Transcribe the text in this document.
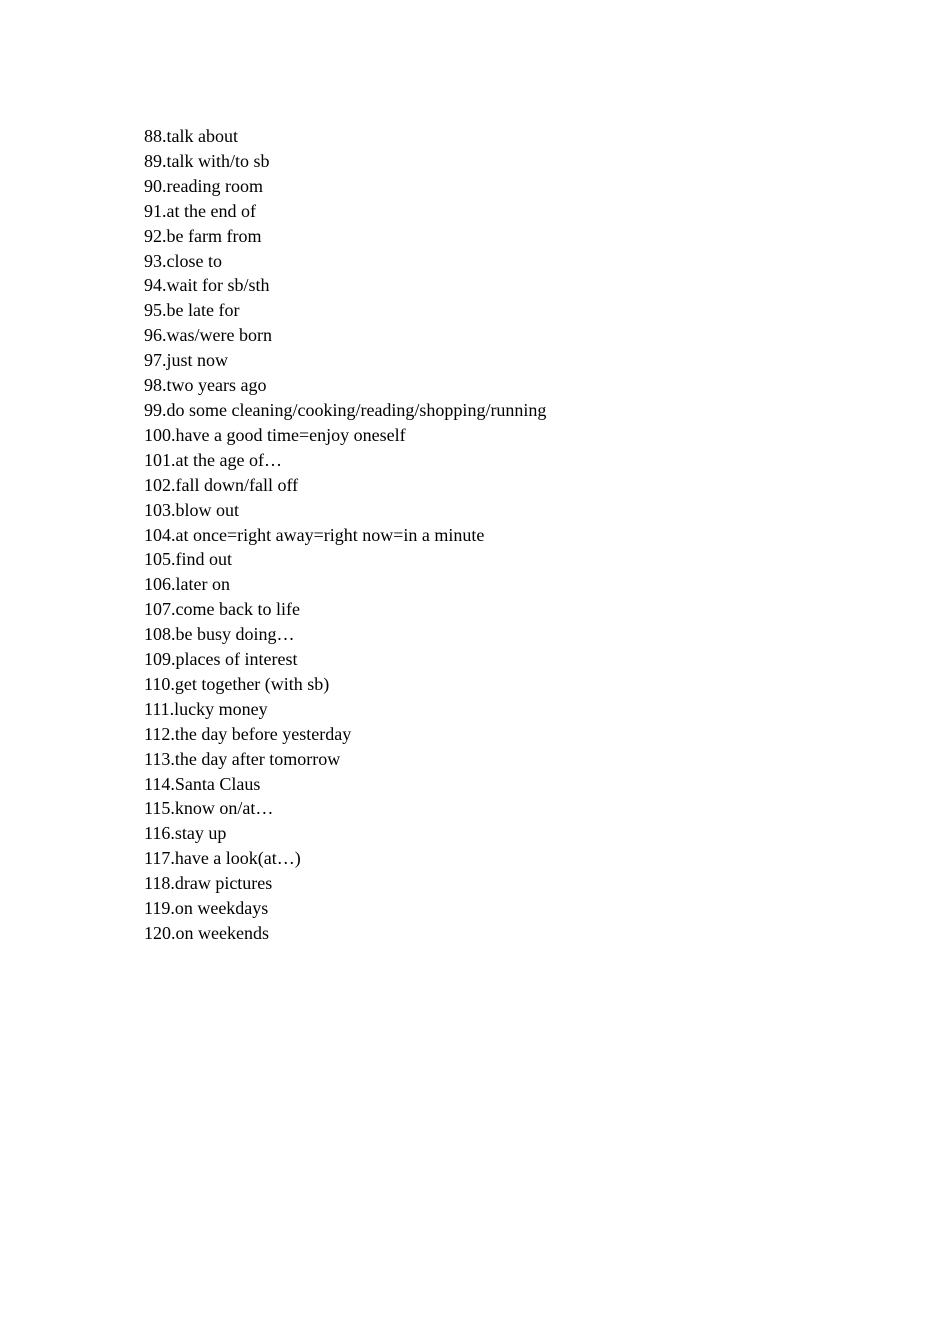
88.talk about
89.talk with/to sb
90.reading room
91.at the end of
92.be farm from
93.close to
94.wait for sb/sth
95.be late for
96.was/were born
97.just now
98.two years ago
99.do some cleaning/cooking/reading/shopping/running
100.have a good time=enjoy oneself
101.at the age of…
102.fall down/fall off
103.blow out
104.at once=right away=right now=in a minute
105.find out
106.later on
107.come back to life
108.be busy doing…
109.places of interest
110.get together (with sb)
111.lucky money
112.the day before yesterday
113.the day after tomorrow
114.Santa Claus
115.know on/at…
116.stay up
117.have a look(at…)
118.draw pictures
119.on weekdays
120.on weekends
